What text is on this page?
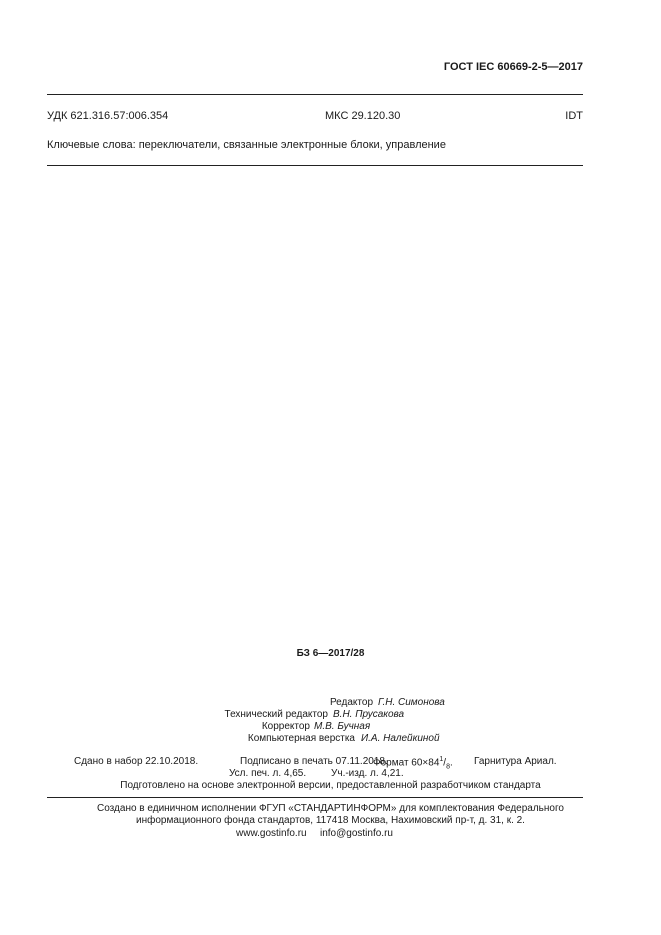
ГОСТ IEC 60669-2-5—2017
УДК 621.316.57:006.354	МКС 29.120.30	IDT
Ключевые слова: переключатели, связанные электронные блоки, управление
БЗ 6—2017/28
Редактор Г.Н. Симонова
Технический редактор В.Н. Прусакова
Корректор М.В. Бучная
Компьютерная верстка И.А. Налейкиной
Сдано в набор 22.10.2018.	Подписано в печать 07.11.2018.
Формат $60\times 84^1/_8$. Гарнитура Ариал.
Усл. печ. л. 4,65. Уч.-изд. л. 4,21.
Подготовлено на основе электронной версии, предоставленной разработчиком стандарта
Создано в единичном исполнении ФГУП «СТАНДАРТИНФОРМ» для комплектования Федерального
информационного фонда стандартов, 117418 Москва, Нахимовский пр-т, д. 31, к. 2.
www.gostinfo.ru info@gostinfo.ru
